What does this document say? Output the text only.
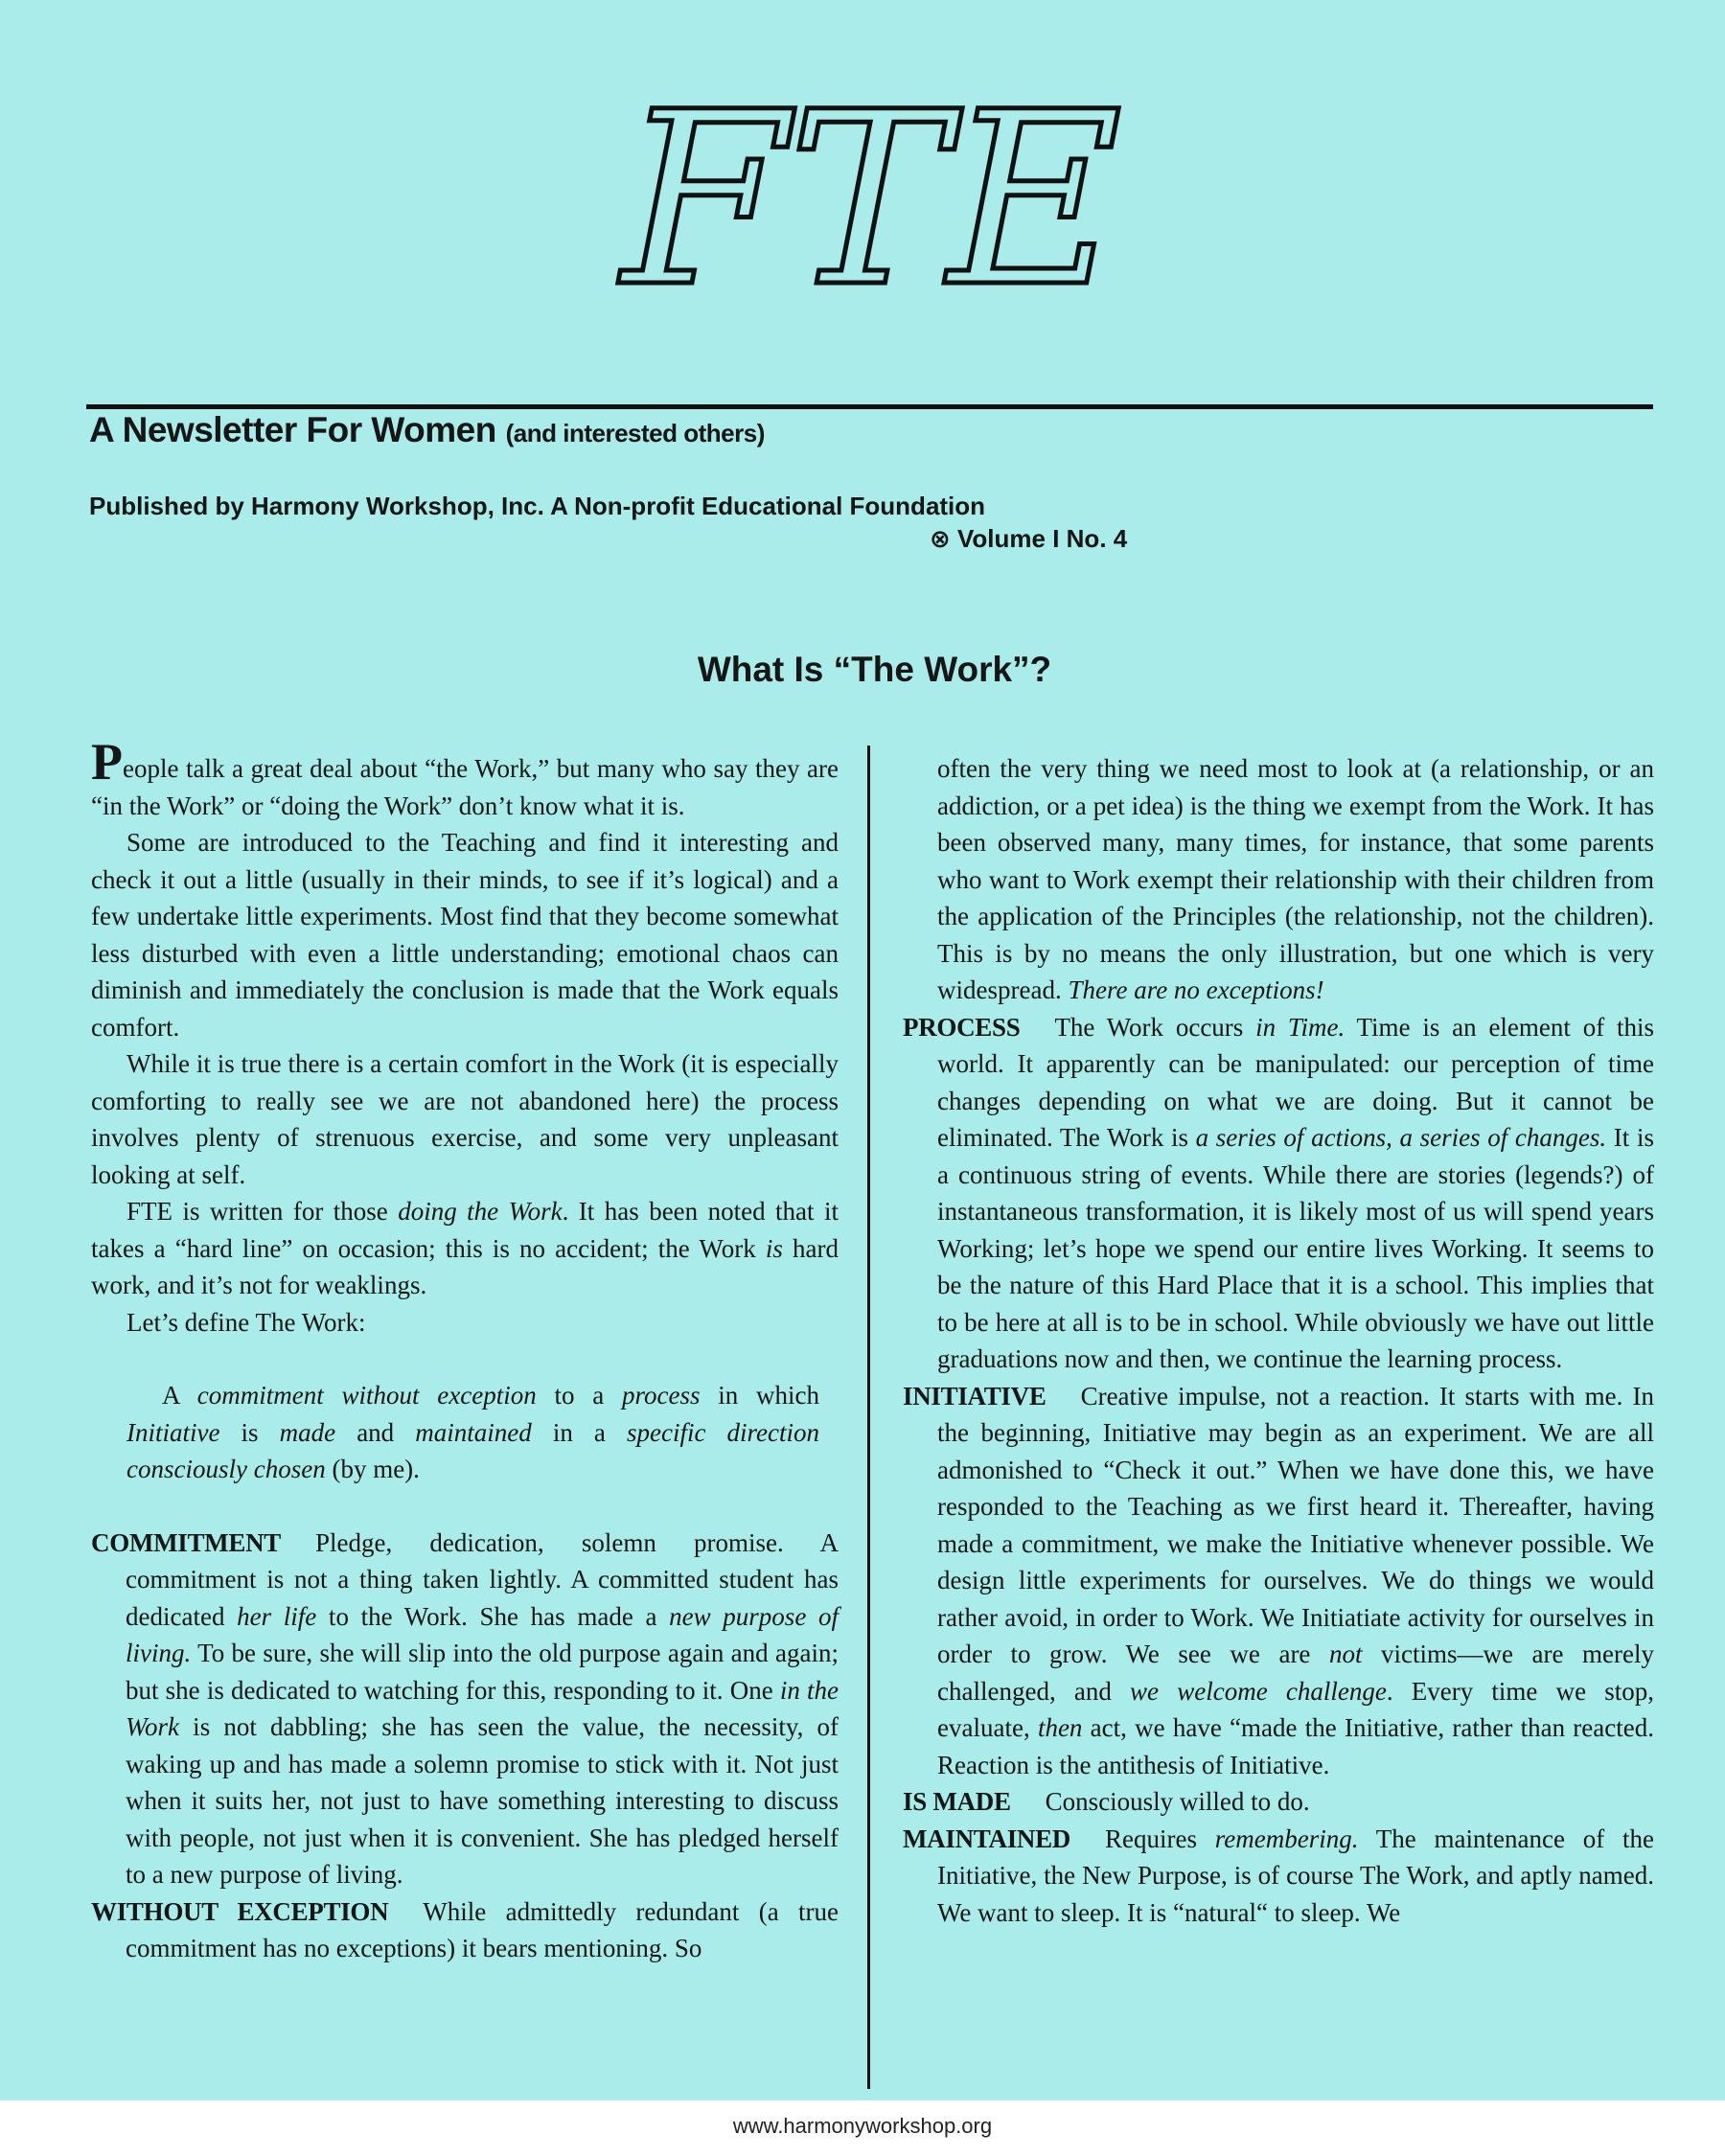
FTE
A Newsletter For Women (and interested others)
Published by Harmony Workshop, Inc. A Non-profit Educational Foundation
⊗ Volume I No. 4
What Is “The Work”?

People talk a great deal about “the Work,” but many who say they are “in the Work” or “doing the Work” don’t know what it is.

Some are introduced to the Teaching and find it interesting and check it out a little (usually in their minds, to see if it’s logical) and a few undertake little experiments. Most find that they become somewhat less disturbed with even a little understanding; emotional chaos can diminish and immediately the conclusion is made that the Work equals comfort.

While it is true there is a certain comfort in the Work (it is especially comforting to really see we are not abandoned here) the process involves plenty of strenuous exercise, and some very unpleasant looking at self.

FTE is written for those doing the Work. It has been noted that it takes a “hard line” on occasion; this is no accident; the Work is hard work, and it’s not for weaklings.

Let’s define The Work:

A commitment without exception to a process in which Initiative is made and maintained in a specific direction consciously chosen (by me).

COMMITMENT Pledge, dedication, solemn promise. A commitment is not a thing taken lightly. A committed student has dedicated her life to the Work. She has made a new purpose of living. To be sure, she will slip into the old purpose again and again; but she is dedicated to watching for this, responding to it. One in the Work is not dabbling; she has seen the value, the necessity, of waking up and has made a solemn promise to stick with it. Not just when it suits her, not just to have something interesting to discuss with people, not just when it is convenient. She has pledged herself to a new purpose of living.

WITHOUT EXCEPTION While admittedly redundant (a true commitment has no exceptions) it bears mentioning. So

often the very thing we need most to look at (a relationship, or an addiction, or a pet idea) is the thing we exempt from the Work. It has been observed many, many times, for instance, that some parents who want to Work exempt their relationship with their children from the application of the Principles (the relationship, not the children). This is by no means the only illustration, but one which is very widespread. There are no exceptions!

PROCESS The Work occurs in Time. Time is an element of this world. It apparently can be manipulated: our perception of time changes depending on what we are doing. But it cannot be eliminated. The Work is a series of actions, a series of changes. It is a continuous string of events. While there are stories (legends?) of instantaneous transformation, it is likely most of us will spend years Working; let’s hope we spend our entire lives Working. It seems to be the nature of this Hard Place that it is a school. This implies that to be here at all is to be in school. While obviously we have out little graduations now and then, we continue the learning process.

INITIATIVE Creative impulse, not a reaction. It starts with me. In the beginning, Initiative may begin as an experiment. We are all admonished to “Check it out.” When we have done this, we have responded to the Teaching as we first heard it. Thereafter, having made a commitment, we make the Initiative whenever possible. We design little experiments for ourselves. We do things we would rather avoid, in order to Work. We Initiatiate activity for ourselves in order to grow. We see we are not victims—we are merely challenged, and we welcome challenge. Every time we stop, evaluate, then act, we have “made the Initiative, rather than reacted. Reaction is the antithesis of Initiative.

IS MADE Consciously willed to do.

MAINTAINED Requires remembering. The maintenance of the Initiative, the New Purpose, is of course The Work, and aptly named. We want to sleep. It is “natural“ to sleep. We

www.harmonyworkshop.org
